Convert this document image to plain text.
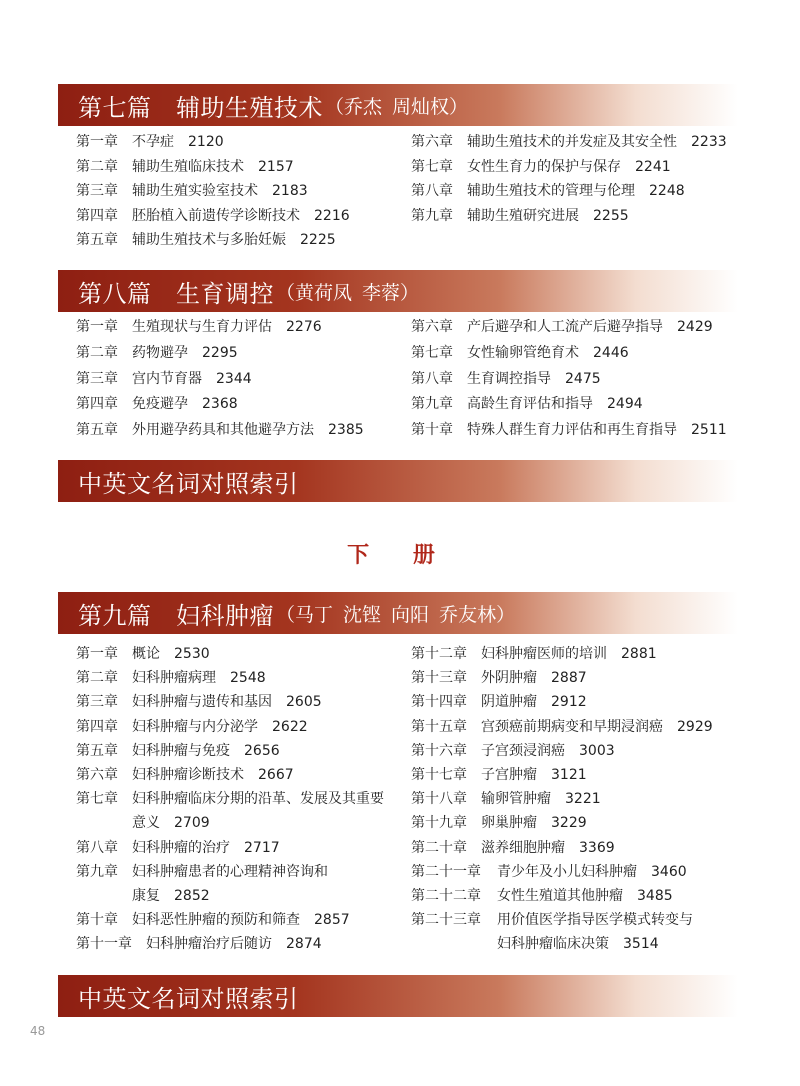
第七篇　辅助生殖技术 （乔杰 周灿权）
第一章 不孕症 2120
第二章 辅助生殖临床技术 2157
第三章 辅助生殖实验室技术 2183
第四章 胚胎植入前遗传学诊断技术 2216
第五章 辅助生殖技术与多胎妊娠 2225
第六章 辅助生殖技术的并发症及其安全性 2233
第七章 女性生育力的保护与保存 2241
第八章 辅助生殖技术的管理与伦理 2248
第九章 辅助生殖研究进展 2255
第八篇　生育调控 （黄荷凤 李蓉）
第一章 生殖现状与生育力评估 2276
第二章 药物避孕 2295
第三章 宫内节育器 2344
第四章 免疫避孕 2368
第五章 外用避孕药具和其他避孕方法 2385
第六章 产后避孕和人工流产后避孕指导 2429
第七章 女性输卵管绝育术 2446
第八章 生育调控指导 2475
第九章 高龄生育评估和指导 2494
第十章 特殊人群生育力评估和再生育指导 2511
中英文名词对照索引
下 册
第九篇　妇科肿瘤 （马丁 沈铿 向阳 乔友林）
第一章 概论 2530
第二章 妇科肿瘤病理 2548
第三章 妇科肿瘤与遗传和基因 2605
第四章 妇科肿瘤与内分泌学 2622
第五章 妇科肿瘤与免疫 2656
第六章 妇科肿瘤诊断技术 2667
第七章 妇科肿瘤临床分期的沿革、发展及其重要
意义 2709
第八章 妇科肿瘤的治疗 2717
第九章 妇科肿瘤患者的心理精神咨询和
康复 2852
第十章 妇科恶性肿瘤的预防和筛查 2857
第十一章 妇科肿瘤治疗后随访 2874
第十二章 妇科肿瘤医师的培训 2881
第十三章 外阴肿瘤 2887
第十四章 阴道肿瘤 2912
第十五章 宫颈癌前期病变和早期浸润癌 2929
第十六章 子宫颈浸润癌 3003
第十七章 子宫肿瘤 3121
第十八章 输卵管肿瘤 3221
第十九章 卵巢肿瘤 3229
第二十章 滋养细胞肿瘤 3369
第二十一章 青少年及小儿妇科肿瘤 3460
第二十二章 女性生殖道其他肿瘤 3485
第二十三章 用价值医学指导医学模式转变与
妇科肿瘤临床决策 3514
中英文名词对照索引
48
